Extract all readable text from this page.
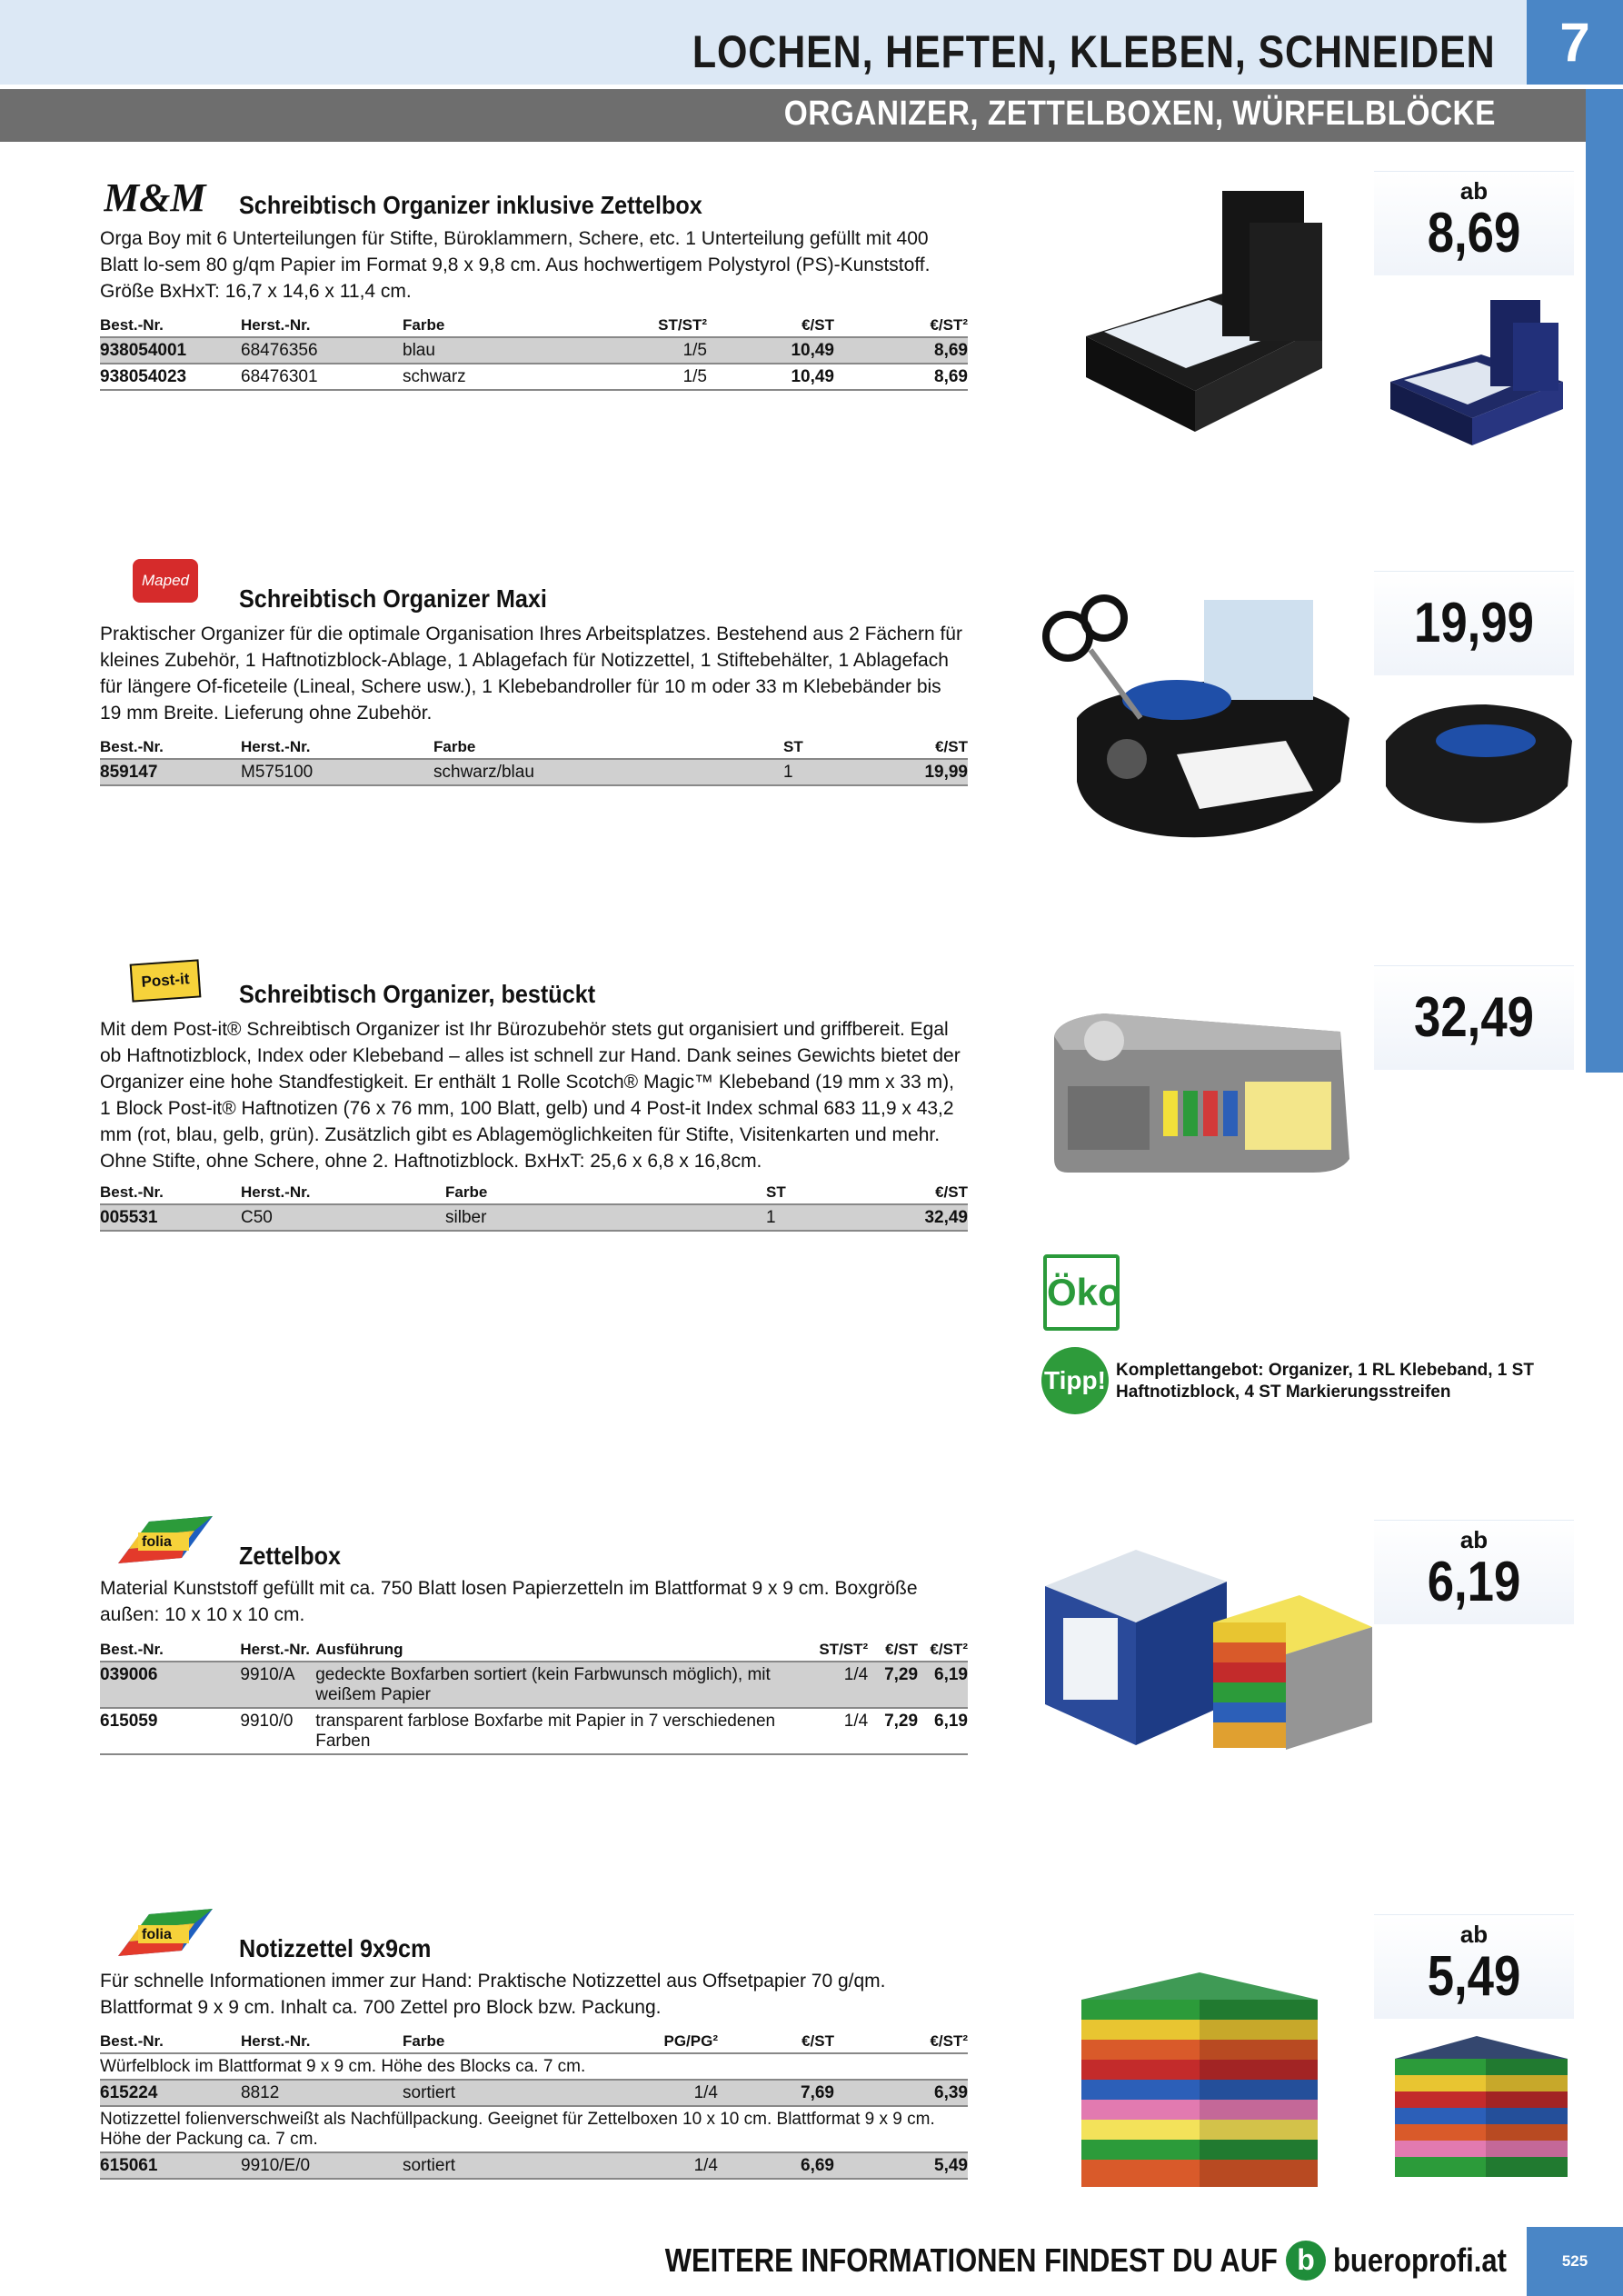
LOCHEN, HEFTEN, KLEBEN, SCHNEIDEN	7
ORGANIZER, ZETTELBOXEN, WÜRFELBLÖCKE
M&M Schreibtisch Organizer inklusive Zettelbox
Orga Boy mit 6 Unterteilungen für Stifte, Büroklammern, Schere, etc. 1 Unterteilung gefüllt mit 400 Blatt lo-sem 80 g/qm Papier im Format 9,8 x 9,8 cm. Aus hochwertigem Polystyrol (PS)-Kunststoff. Größe BxHxT: 16,7 x 14,6 x 11,4 cm.
Best.-Nr.	Herst.-Nr.	Farbe	ST/ST²	€/ST	€/ST²
938054001	68476356	blau	1/5	10,49	8,69
938054023	68476301	schwarz	1/5	10,49	8,69
ab
8,69
Maped
Schreibtisch Organizer Maxi
Praktischer Organizer für die optimale Organisation Ihres Arbeitsplatzes. Bestehend aus 2 Fächern für kleines Zubehör, 1 Haftnotizblock-Ablage, 1 Ablagefach für Notizzettel, 1 Stiftebehälter, 1 Ablagefach für längere Of-ficeteile (Lineal, Schere usw.), 1 Klebebandroller für 10 m oder 33 m Klebebänder bis 19 mm Breite. Lieferung ohne Zubehör.
Best.-Nr.	Herst.-Nr.	Farbe	ST	€/ST
859147	M575100	schwarz/blau	1	19,99
19,99
Post-it	Schreibtisch Organizer, bestückt
Mit dem Post-it® Schreibtisch Organizer ist Ihr Bürozubehör stets gut organisiert und griffbereit. Egal ob Haftnotizblock, Index oder Klebeband – alles ist schnell zur Hand. Dank seines Gewichts bietet der Organizer eine hohe Standfestigkeit. Er enthält 1 Rolle Scotch® Magic™ Klebeband (19 mm x 33 m), 1 Block Post-it® Haftnotizen (76 x 76 mm, 100 Blatt, gelb) und 4 Post-it Index schmal 683 11,9 x 43,2 mm (rot, blau, gelb, grün). Zusätzlich gibt es Ablagemöglichkeiten für Stifte, Visitenkarten und mehr. Ohne Stifte, ohne Schere, ohne 2. Haftnotizblock. BxHxT: 25,6 x 6,8 x 16,8cm.
Best.-Nr.	Herst.-Nr.	Farbe	ST	€/ST
005531	C50	silber	1	32,49
32,49
Öko
Tipp! Komplettangebot: Organizer, 1 RL Klebeband, 1 ST Haftnotizblock, 4 ST Markierungsstreifen
folia	Zettelbox
Material Kunststoff gefüllt mit ca. 750 Blatt losen Papierzetteln im Blattformat 9 x 9 cm. Boxgröße außen: 10 x 10 x 10 cm.
Best.-Nr.	Herst.-Nr.	Ausführung	ST/ST²	€/ST	€/ST²
039006	9910/A	gedeckte Boxfarben sortiert (kein Farbwunsch möglich), mit weißem Papier	1/4	7,29	6,19
615059	9910/0	transparent farblose Boxfarbe mit Papier in 7 verschiedenen Farben	1/4	7,29	6,19
ab
6,19
folia	Notizzettel 9x9cm
Für schnelle Informationen immer zur Hand: Praktische Notizzettel aus Offsetpapier 70 g/qm. Blattformat 9 x 9 cm. Inhalt ca. 700 Zettel pro Block bzw. Packung.
Best.-Nr.	Herst.-Nr.	Farbe	PG/PG²	€/ST	€/ST²
Würfelblock im Blattformat 9 x 9 cm. Höhe des Blocks ca. 7 cm.					
615224	8812	sortiert	1/4	7,69	6,39
Notizzettel folienverschweißt als Nachfüllpackung. Geeignet für Zettelboxen 10 x 10 cm. Blattformat 9 x 9 cm. Höhe der Packung ca. 7 cm.					
615061	9910/E/0	sortiert	1/4	6,69	5,49
ab
5,49
WEITERE INFORMATIONEN FINDEST DU AUF b bueroprofi.at	525
